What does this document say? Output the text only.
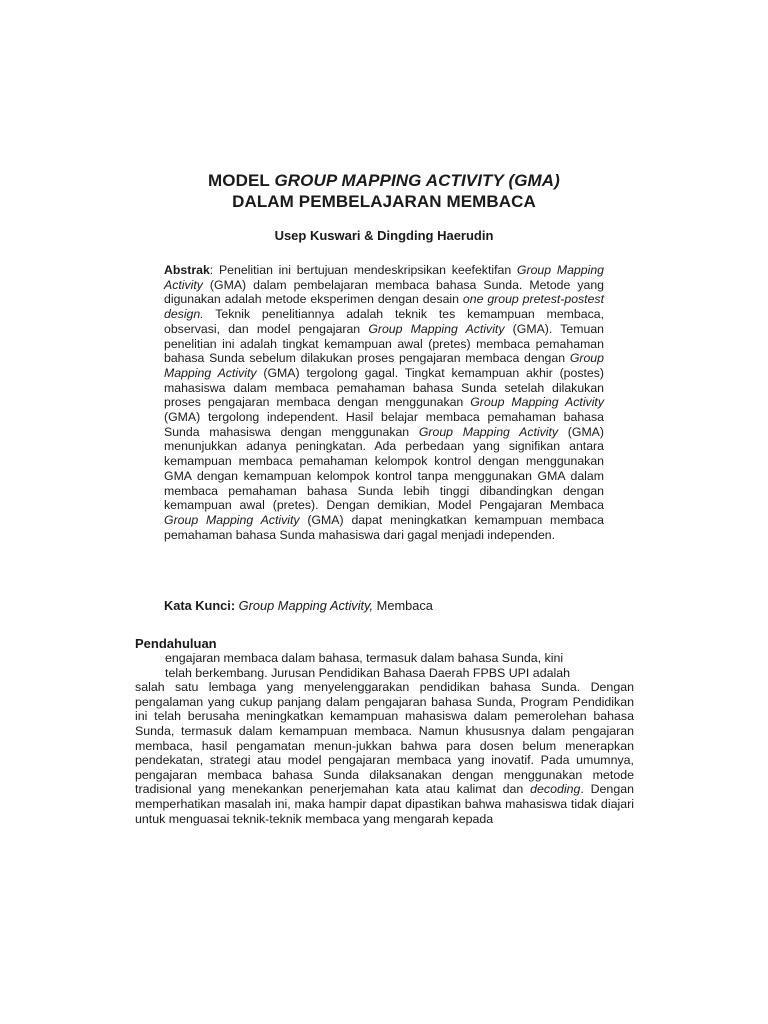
MODEL GROUP MAPPING ACTIVITY (GMA)
DALAM PEMBELAJARAN MEMBACA
Usep Kuswari & Dingding Haerudin
Abstrak: Penelitian ini bertujuan mendeskripsikan keefektifan Group Mapping Activity (GMA) dalam pembelajaran membaca bahasa Sunda. Metode yang digunakan adalah metode eksperimen dengan desain one group pretest-postest design. Teknik penelitiannya adalah teknik tes kemampuan membaca, observasi, dan model pengajaran Group Mapping Activity (GMA). Temuan penelitian ini adalah tingkat kemampuan awal (pretes) membaca pemahaman bahasa Sunda sebelum dilakukan proses pengajaran membaca dengan Group Mapping Activity (GMA) tergolong gagal. Tingkat kemampuan akhir (postes) mahasiswa dalam membaca pemahaman bahasa Sunda setelah dilakukan proses pengajaran membaca dengan menggunakan Group Mapping Activity (GMA) tergolong independent. Hasil belajar membaca pemahaman bahasa Sunda mahasiswa dengan menggunakan Group Mapping Activity (GMA) menunjukkan adanya peningkatan. Ada perbedaan yang signifikan antara kemampuan membaca pemahaman kelompok kontrol dengan menggunakan GMA dengan kemampuan kelompok kontrol tanpa menggunakan GMA dalam membaca pemahaman bahasa Sunda lebih tinggi dibandingkan dengan kemampuan awal (pretes). Dengan demikian, Model Pengajaran Membaca Group Mapping Activity (GMA) dapat meningkatkan kemampuan membaca pemahaman bahasa Sunda mahasiswa dari gagal menjadi independen.
Kata Kunci: Group Mapping Activity, Membaca
Pendahuluan
engajaran membaca dalam bahasa, termasuk dalam bahasa Sunda, kini
telah berkembang. Jurusan Pendidikan Bahasa Daerah FPBS UPI adalah
salah satu lembaga yang menyelenggarakan pendidikan bahasa Sunda. Dengan pengalaman yang cukup panjang dalam pengajaran bahasa Sunda, Program Pendidikan ini telah berusaha meningkatkan kemampuan mahasiswa dalam pemerolehan bahasa Sunda, termasuk dalam kemampuan membaca. Namun khususnya dalam pengajaran membaca, hasil pengamatan menun-jukkan bahwa para dosen belum menerapkan pendekatan, strategi atau model pengajaran membaca yang inovatif. Pada umumnya, pengajaran membaca bahasa Sunda dilaksanakan dengan menggunakan metode tradisional yang menekankan penerjemahan kata atau kalimat dan decoding. Dengan memperhatikan masalah ini, maka hampir dapat dipastikan bahwa mahasiswa tidak diajari untuk menguasai teknik-teknik membaca yang mengarah kepada
